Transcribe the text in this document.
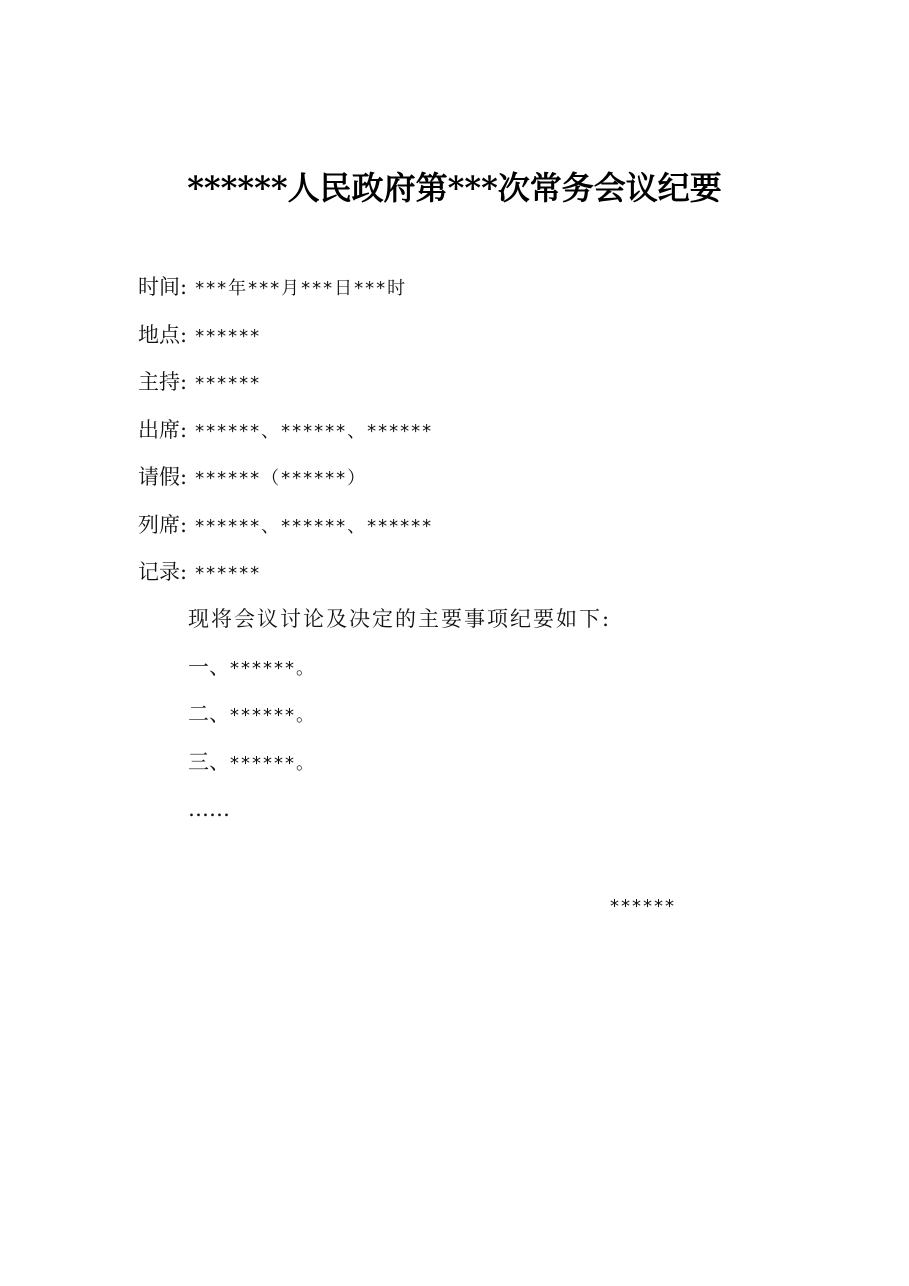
******人民政府第***次常务会议纪要
时间: ***年***月***日***时
地点: ******
主持: ******
出席: ******、******、******
请假: ******（******）
列席: ******、******、******
记录: ******
现将会议讨论及决定的主要事项纪要如下:
一、******。
二、******。
三、******。
……
******
